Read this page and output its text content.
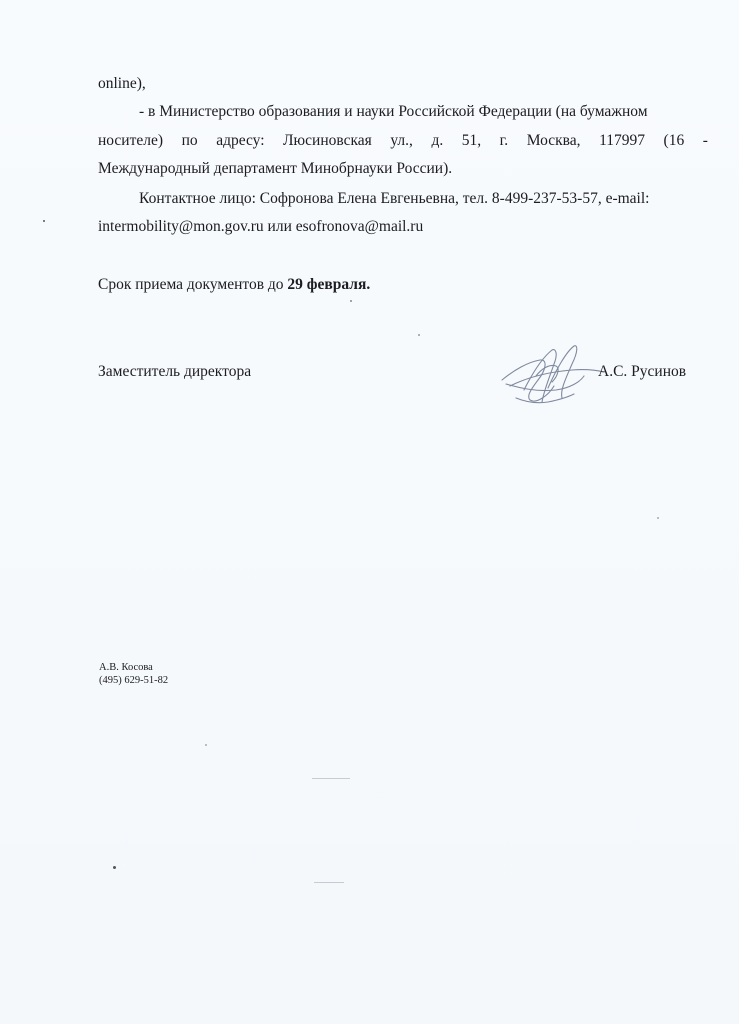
online),
- в Министерство образования и науки Российской Федерации (на бумажном
носителе) по адресу: Люсиновская ул., д. 51, г. Москва, 117997 (16 -
Международный департамент Минобрнауки России).
Контактное лицо: Софронова Елена Евгеньевна, тел. 8-499-237-53-57, e-mail:
intermobility@mon.gov.ru или esofronova@mail.ru
Срок приема документов до 29 февраля.
Заместитель директора	А.С. Русинов
А.В. Косова
(495) 629-51-82
